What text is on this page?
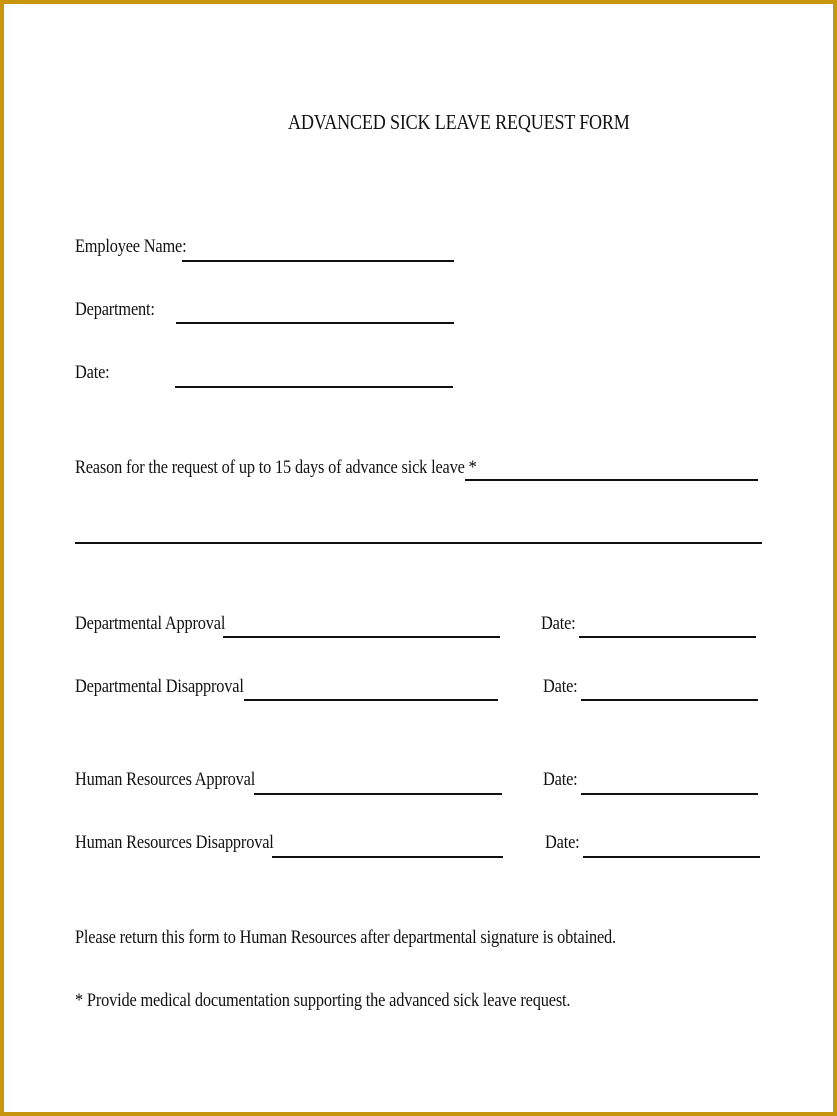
ADVANCED SICK LEAVE REQUEST FORM
Employee Name:
Department:
Date:
Reason for the request of up to 15 days of advance sick leave *
Departmental Approval	Date:
Departmental Disapproval	Date:
Human Resources Approval	Date:
Human Resources Disapproval	Date:
Please return this form to Human Resources after departmental signature is obtained.
* Provide medical documentation supporting the advanced sick leave request.
